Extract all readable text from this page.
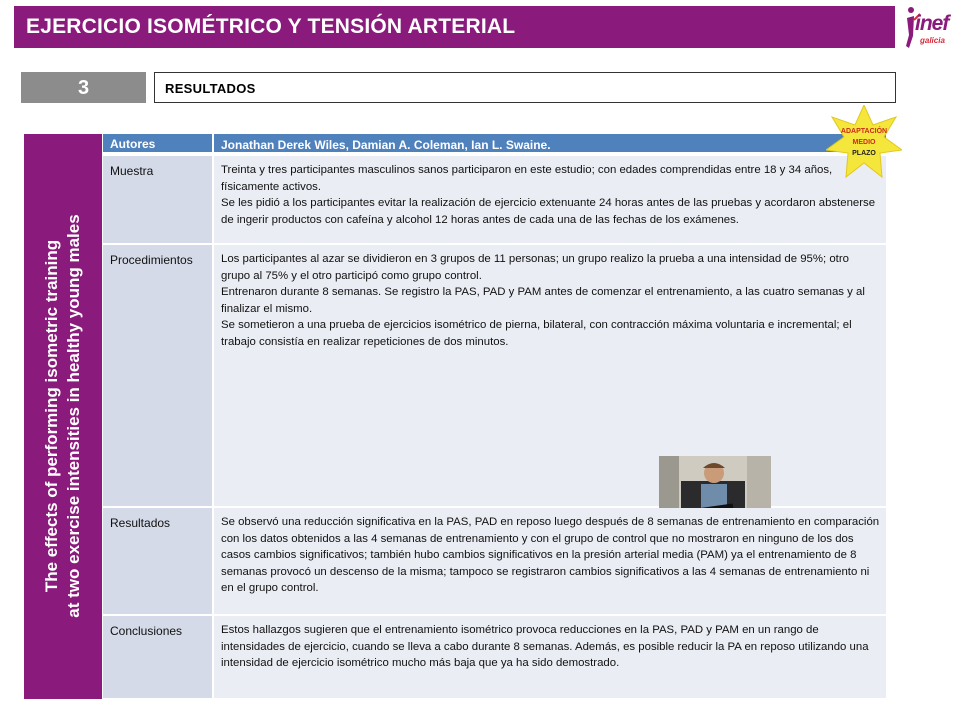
EJERCICIO ISOMÉTRICO Y TENSIÓN ARTERIAL	inef
galicia
3	RESULTADOS
The effects of performing isometric training at two exercise intensities in healthy young males
Autores	Jonathan Derek Wiles, Damian A. Coleman, Ian L. Swaine.
Muestra	Treinta y tres participantes masculinos sanos participaron en este estudio; con edades comprendidas entre 18 y 34 años, físicamente activos.

Se les pidió a los participantes evitar la realización de ejercicio extenuante 24 horas antes de las pruebas y acordaron abstenerse de ingerir productos con cafeína y alcohol 12 horas antes de cada una de las fechas de los exámenes.

Procedimientos Los participantes al azar se dividieron en 3 grupos de 11 personas; un grupo realizo la prueba a una intensidad de 95%; otro grupo al 75% y el otro participó como grupo control.

Entrenaron durante 8 semanas. Se registro la PAS, PAD y PAM antes de comenzar el entrenamiento, a las cuatro semanas y al finalizar el mismo.

Se sometieron a una prueba de ejercicios isométrico de pierna, bilateral, con contracción máxima voluntaria e incremental; el trabajo consistía en realizar repeticiones de dos minutos.

Resultados	Se observó una reducción significativa en la PAS, PAD en reposo luego después de 8 semanas de entrenamiento en comparación con los datos obtenidos a las 4 semanas de entrenamiento y con el grupo de control que no mostraron en ninguno de los dos casos cambios significativos; también hubo cambios significativos en la presión arterial media (PAM) ya el entrenamiento de 8 semanas provocó un descenso de la misma; tampoco se registraron cambios significativos a las 4 semanas de entrenamiento ni en el grupo control.

Conclusiones	Estos hallazgos sugieren que el entrenamiento isométrico provoca reducciones en la PAS, PAD y PAM en un rango de intensidades de ejercicio, cuando se lleva a cabo durante 8 semanas. Además, es posible reducir la PA en reposo utilizando una intensidad de ejercicio isométrico mucho más baja que ya ha sido demostrado.

ADAPTACIÓN
MEDIO
PLAZO
